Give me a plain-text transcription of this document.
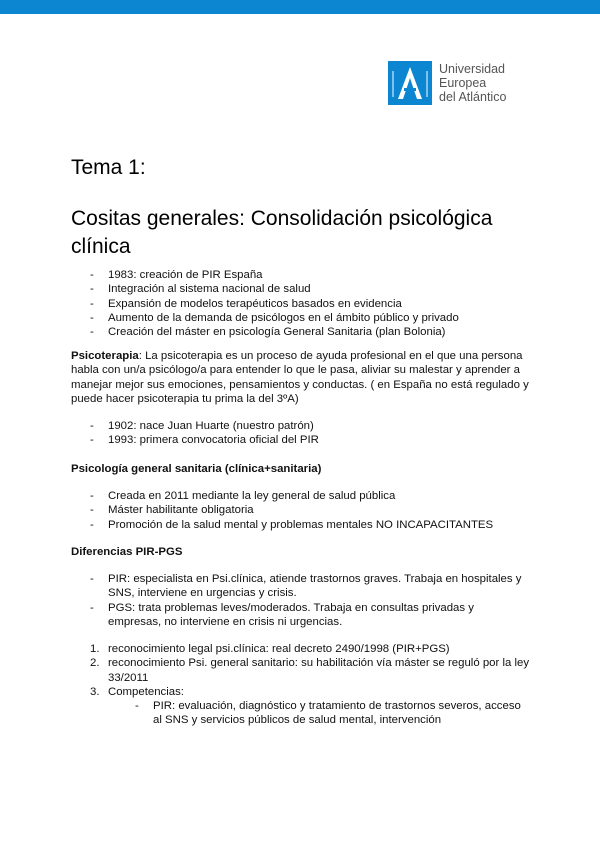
Universidad
Europea
del Atlántico
Tema 1:
Cositas generales: Consolidación psicológica clínica
- 1983: creación de PIR España
- Integración al sistema nacional de salud
- Expansión de modelos terapéuticos basados en evidencia
- Aumento de la demanda de psicólogos en el ámbito público y privado
- Creación del máster en psicología General Sanitaria (plan Bolonia)

Psicoterapia: La psicoterapia es un proceso de ayuda profesional en el que una persona habla con un/a psicólogo/a para entender lo que le pasa, aliviar su malestar y aprender a manejar mejor sus emociones, pensamientos y conductas. ( en España no está regulado y puede hacer psicoterapia tu prima la del 3ºA)

- 1902: nace Juan Huarte (nuestro patrón)
- 1993: primera convocatoria oficial del PIR

Psicología general sanitaria (clínica+sanitaria)

- Creada en 2011 mediante la ley general de salud pública
- Máster habilitante obligatoria
- Promoción de la salud mental y problemas mentales NO INCAPACITANTES

Diferencias PIR-PGS

- PIR: especialista en Psi.clínica, atiende trastornos graves. Trabaja en hospitales y SNS, interviene en urgencias y crisis.
- PGS: trata problemas leves/moderados. Trabaja en consultas privadas y empresas, no interviene en crisis ni urgencias.
1. reconocimiento legal psi.clínica: real decreto 2490/1998 (PIR+PGS)
2. reconocimiento Psi. general sanitario: su habilitación vía máster se reguló por la ley 33/2011
3. Competencias:
- PIR: evaluación, diagnóstico y tratamiento de trastornos severos, acceso al SNS y servicios públicos de salud mental, intervención
